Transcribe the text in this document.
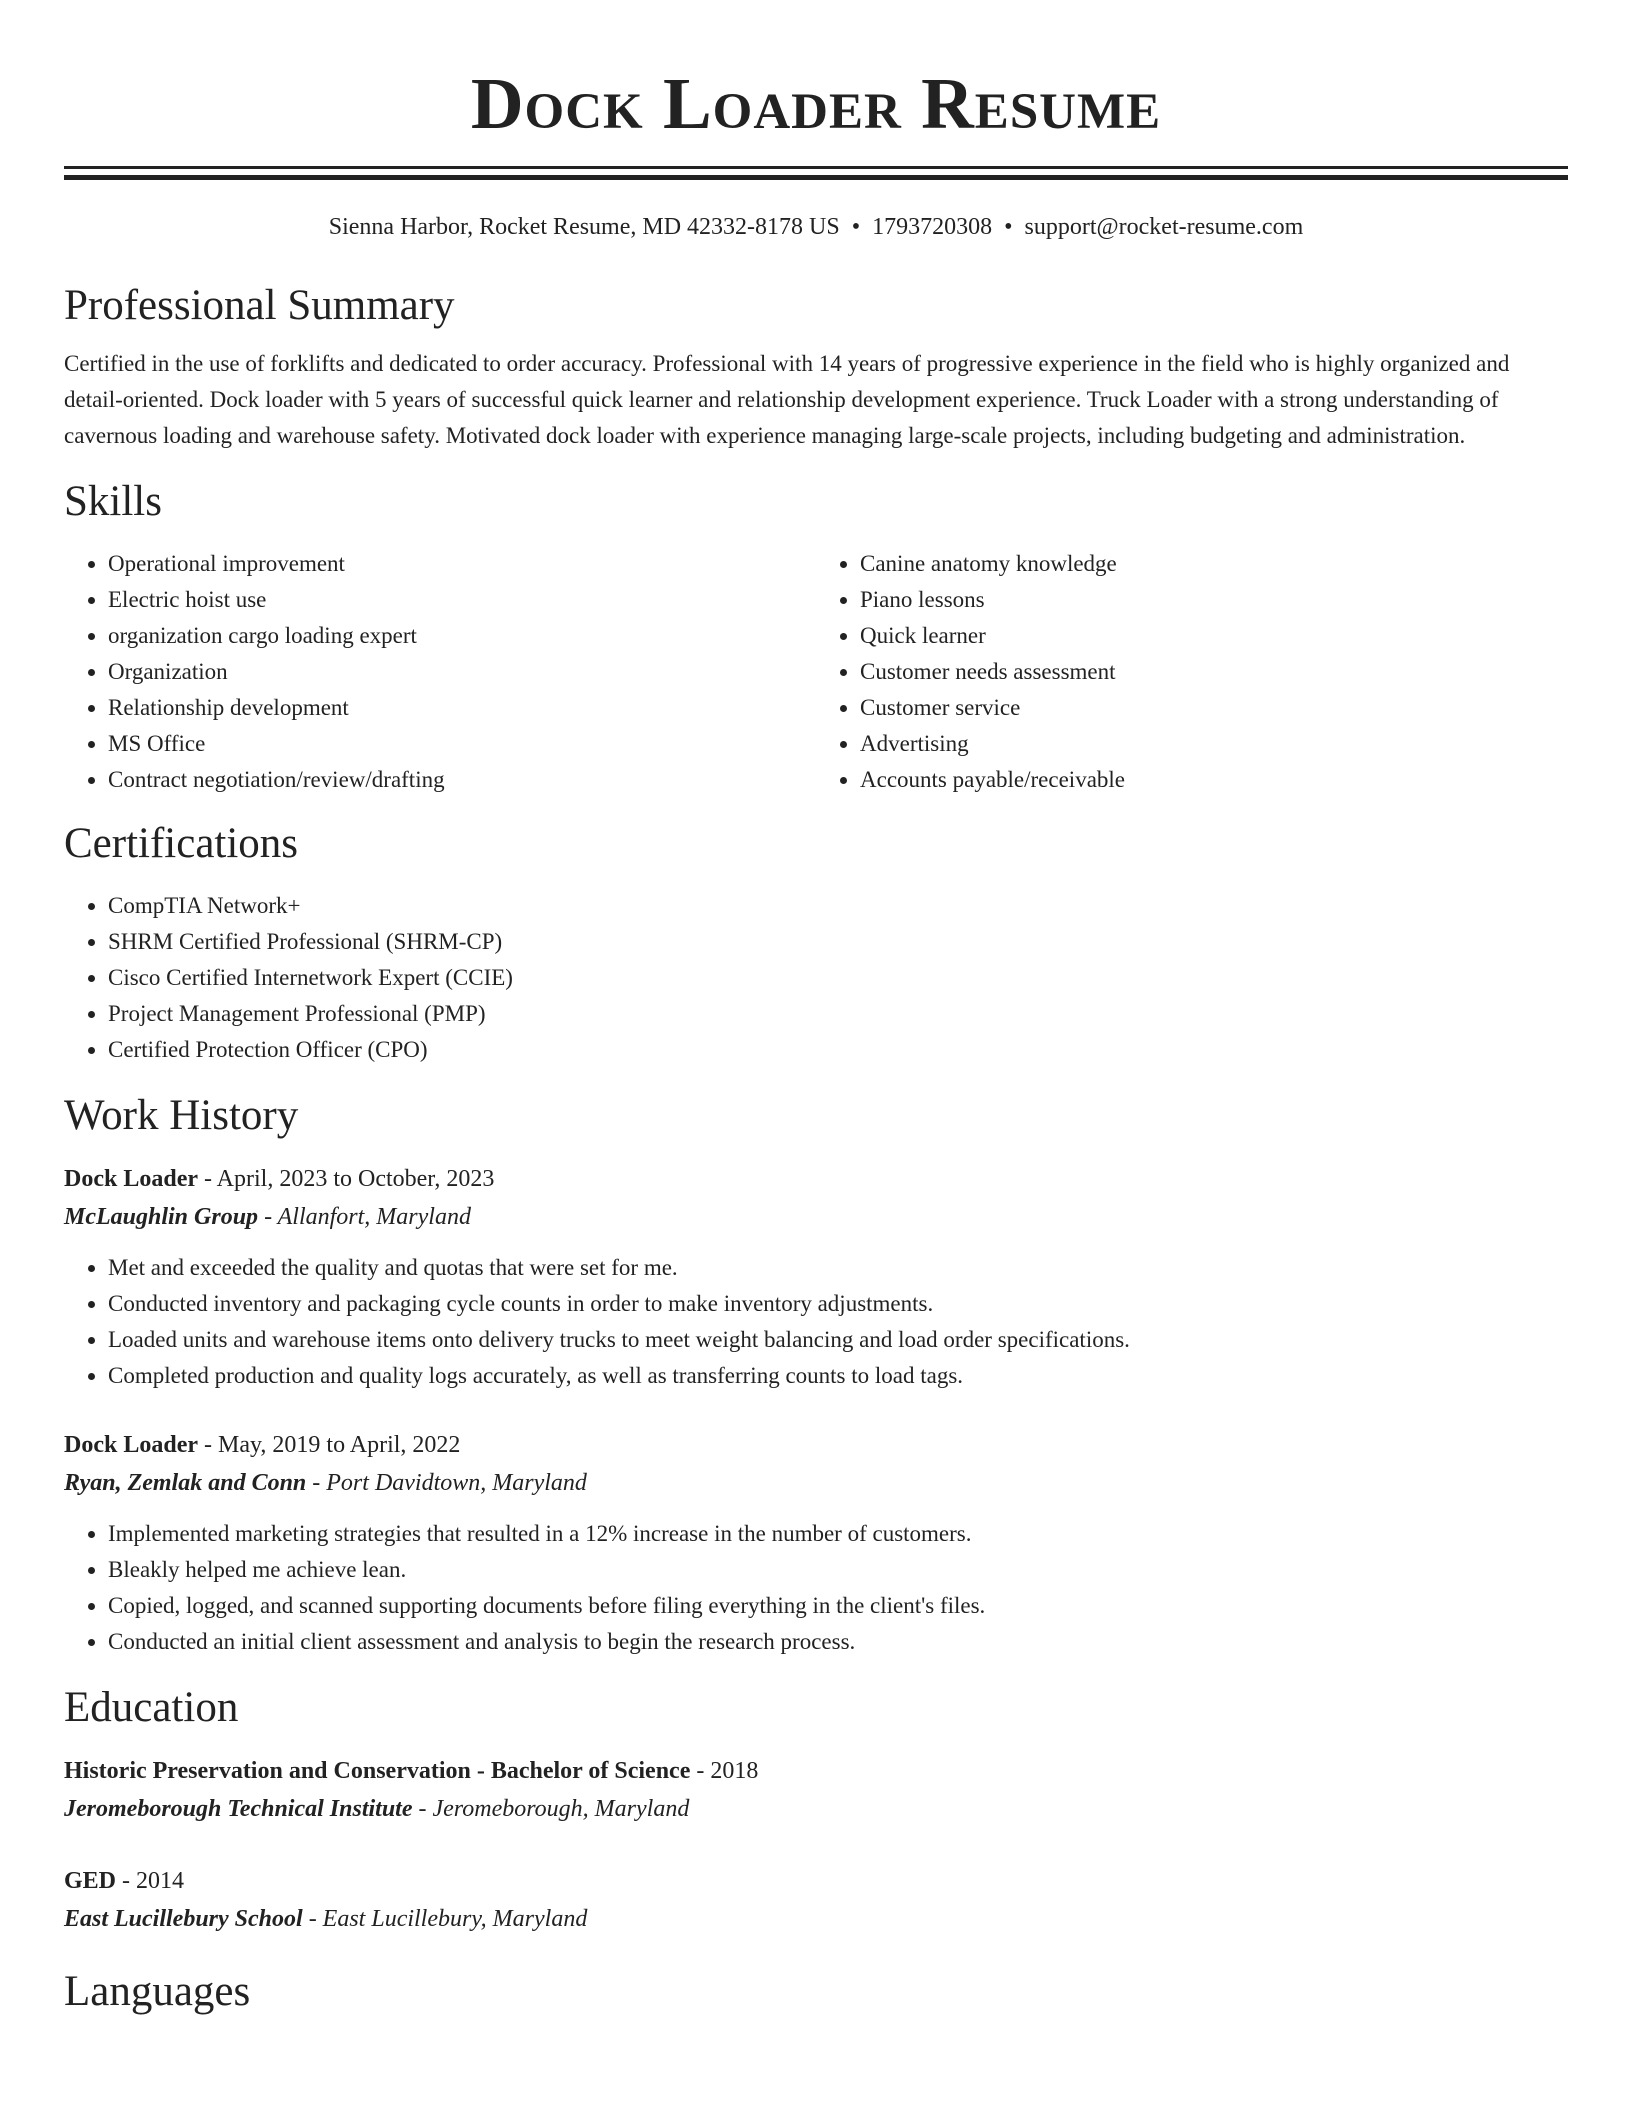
Dock Loader Resume
Sienna Harbor, Rocket Resume, MD 42332-8178 US • 1793720308 • support@rocket-resume.com
Professional Summary

Certified in the use of forklifts and dedicated to order accuracy. Professional with 14 years of progressive experience in the field who is highly organized and detail-oriented. Dock loader with 5 years of successful quick learner and relationship development experience. Truck Loader with a strong understanding of cavernous loading and warehouse safety. Motivated dock loader with experience managing large-scale projects, including budgeting and administration.

Skills
• Operational improvement
• Electric hoist use
• organization cargo loading expert
• Organization
• Relationship development
• MS Office
• Contract negotiation/review/drafting
• Canine anatomy knowledge
• Piano lessons
• Quick learner
• Customer needs assessment
• Customer service
• Advertising
• Accounts payable/receivable
Certifications
• CompTIA Network+
• SHRM Certified Professional (SHRM-CP)
• Cisco Certified Internetwork Expert (CCIE)
• Project Management Professional (PMP)
• Certified Protection Officer (CPO)
Work History
Dock Loader - April, 2023 to October, 2023
McLaughlin Group - Allanfort, Maryland
• Met and exceeded the quality and quotas that were set for me.
• Conducted inventory and packaging cycle counts in order to make inventory adjustments.
• Loaded units and warehouse items onto delivery trucks to meet weight balancing and load order specifications.
• Completed production and quality logs accurately, as well as transferring counts to load tags.
Dock Loader - May, 2019 to April, 2022
Ryan, Zemlak and Conn - Port Davidtown, Maryland
• Implemented marketing strategies that resulted in a 12% increase in the number of customers.
• Bleakly helped me achieve lean.
• Copied, logged, and scanned supporting documents before filing everything in the client's files.
• Conducted an initial client assessment and analysis to begin the research process.
Education
Historic Preservation and Conservation - Bachelor of Science - 2018
Jeromeborough Technical Institute - Jeromeborough, Maryland
GED - 2014
East Lucillebury School - East Lucillebury, Maryland
Languages
